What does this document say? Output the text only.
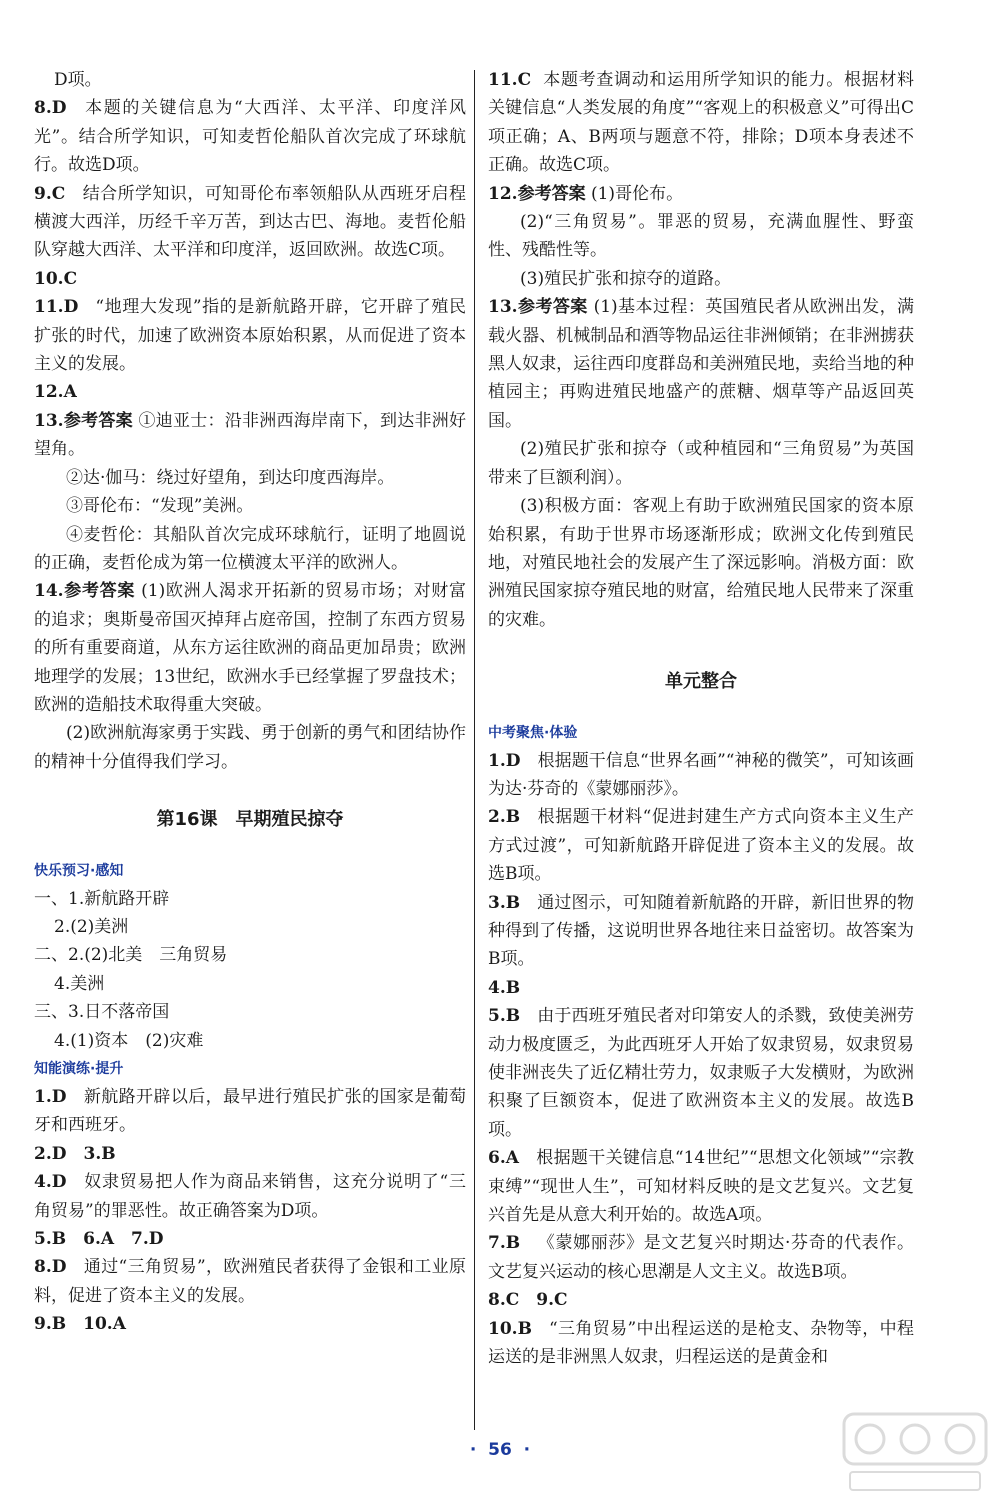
D项。
8.D 本题的关键信息为“大西洋、太平洋、印度洋风光”。结合所学知识，可知麦哲伦船队首次完成了环球航行。故选D项。
9.C 结合所学知识，可知哥伦布率领船队从西班牙启程横渡大西洋，历经千辛万苦，到达古巴、海地。麦哲伦船队穿越大西洋、太平洋和印度洋，返回欧洲。故选C项。
10.C
11.D “地理大发现”指的是新航路开辟，它开辟了殖民扩张的时代，加速了欧洲资本原始积累，从而促进了资本主义的发展。
12.A
13.参考答案 ①迪亚士：沿非洲西海岸南下，到达非洲好望角。
②达·伽马：绕过好望角，到达印度西海岸。
③哥伦布：“发现”美洲。
④麦哲伦：其船队首次完成环球航行，证明了地圆说的正确，麦哲伦成为第一位横渡太平洋的欧洲人。
14.参考答案 (1)欧洲人渴求开拓新的贸易市场；对财富的追求；奥斯曼帝国灭掉拜占庭帝国，控制了东西方贸易的所有重要商道，从东方运往欧洲的商品更加昂贵；欧洲地理学的发展；13世纪，欧洲水手已经掌握了罗盘技术；欧洲的造船技术取得重大突破。
(2)欧洲航海家勇于实践、勇于创新的勇气和团结协作的精神十分值得我们学习。
第16课　早期殖民掠夺
快乐预习·感知
一、1.新航路开辟
2.(2)美洲
二、2.(2)北美　三角贸易
4.美洲
三、3.日不落帝国
4.(1)资本　(2)灾难
知能演练·提升
1.D 新航路开辟以后，最早进行殖民扩张的国家是葡萄牙和西班牙。
2.D　3.B
4.D 奴隶贸易把人作为商品来销售，这充分说明了“三角贸易”的罪恶性。故正确答案为D项。
5.B　6.A　7.D
8.D 通过“三角贸易”，欧洲殖民者获得了金银和工业原料，促进了资本主义的发展。
9.B　10.A
11.C 本题考查调动和运用所学知识的能力。根据材料关键信息“人类发展的角度”“客观上的积极意义”可得出C项正确；A、B两项与题意不符，排除；D项本身表述不正确。故选C项。
12.参考答案 (1)哥伦布。
(2)“三角贸易”。罪恶的贸易，充满血腥性、野蛮性、残酷性等。
(3)殖民扩张和掠夺的道路。
13.参考答案 (1)基本过程：英国殖民者从欧洲出发，满载火器、机械制品和酒等物品运往非洲倾销；在非洲掳获黑人奴隶，运往西印度群岛和美洲殖民地，卖给当地的种植园主；再购进殖民地盛产的蔗糖、烟草等产品返回英国。
(2)殖民扩张和掠夺（或种植园和“三角贸易”为英国带来了巨额利润）。
(3)积极方面：客观上有助于欧洲殖民国家的资本原始积累，有助于世界市场逐渐形成；欧洲文化传到殖民地，对殖民地社会的发展产生了深远影响。消极方面：欧洲殖民国家掠夺殖民地的财富，给殖民地人民带来了深重的灾难。
单元整合
中考聚焦·体验
1.D 根据题干信息“世界名画”“神秘的微笑”，可知该画为达·芬奇的《蒙娜丽莎》。
2.B 根据题干材料“促进封建生产方式向资本主义生产方式过渡”，可知新航路开辟促进了资本主义的发展。故选B项。
3.B 通过图示，可知随着新航路的开辟，新旧世界的物种得到了传播，这说明世界各地往来日益密切。故答案为B项。
4.B
5.B 由于西班牙殖民者对印第安人的杀戮，致使美洲劳动力极度匮乏，为此西班牙人开始了奴隶贸易，奴隶贸易使非洲丧失了近亿精壮劳力，奴隶贩子大发横财，为欧洲积聚了巨额资本，促进了欧洲资本主义的发展。故选B项。
6.A 根据题干关键信息“14世纪”“思想文化领域”“宗教束缚”“现世人生”，可知材料反映的是文艺复兴。文艺复兴首先是从意大利开始的。故选A项。
7.B 《蒙娜丽莎》是文艺复兴时期达·芬奇的代表作。文艺复兴运动的核心思潮是人文主义。故选B项。
8.C　9.C
10.B “三角贸易”中出程运送的是枪支、杂物等，中程运送的是非洲黑人奴隶，归程运送的是黄金和
· 56 ·
